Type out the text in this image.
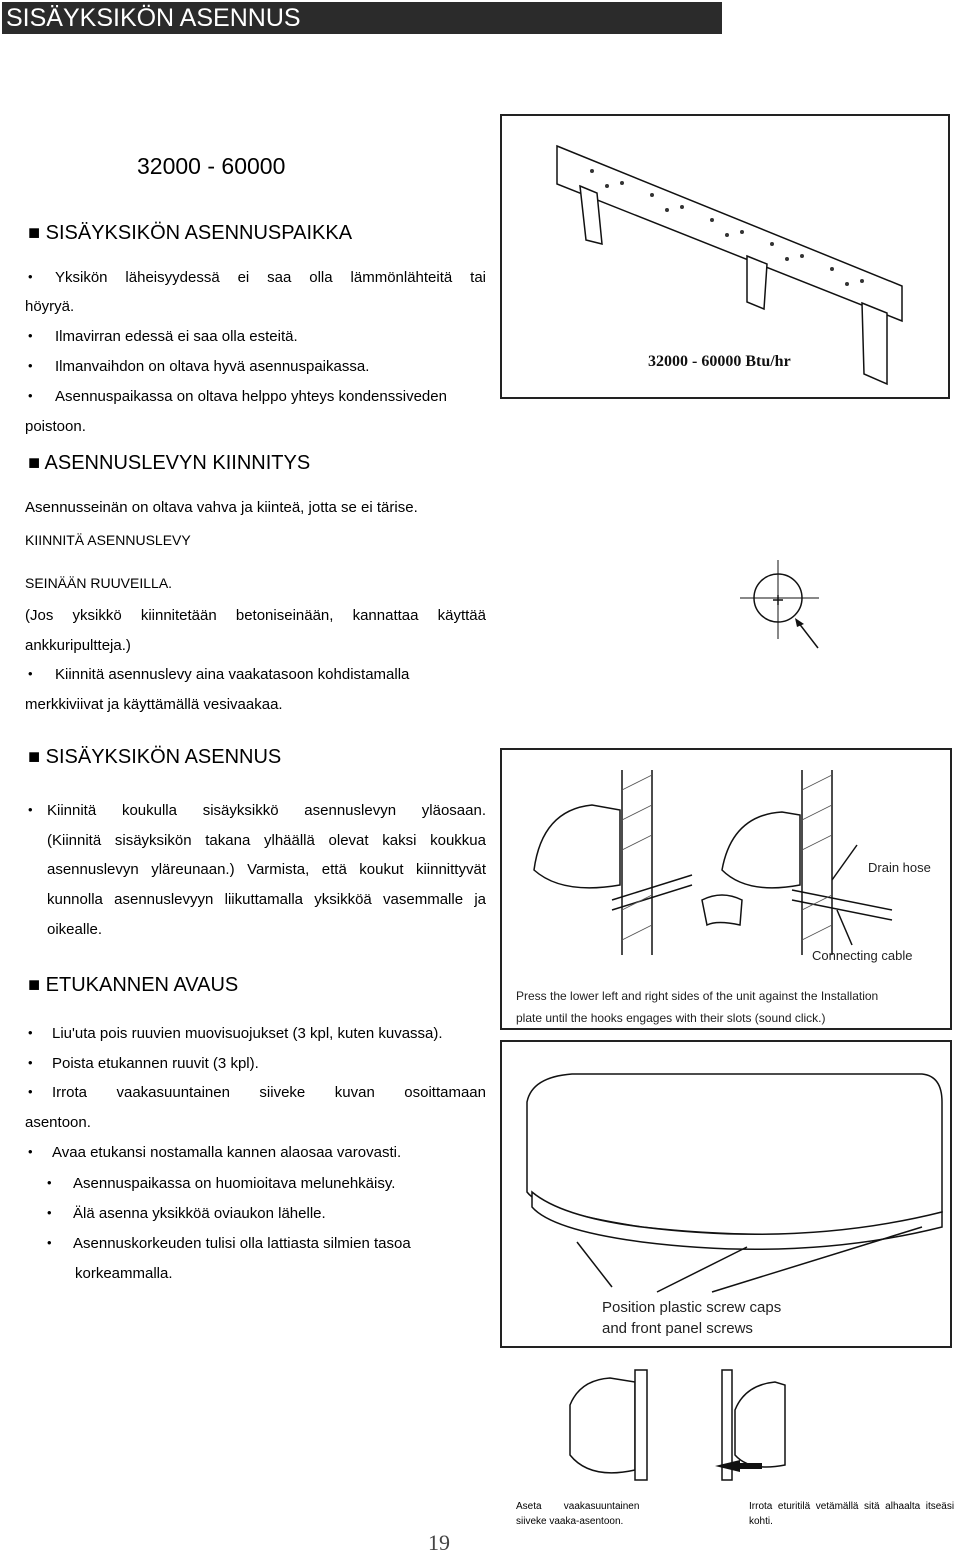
SISÄYKSIKÖN ASENNUS
32000 - 60000
■ SISÄYKSIKÖN ASENNUSPAIKKA
• Yksikön läheisyydessä ei saa olla lämmönlähteitä tai
höyryä.
• Ilmavirran edessä ei saa olla esteitä.
• Ilmanvaihdon on oltava hyvä asennuspaikassa.
• Asennuspaikassa on oltava helppo yhteys kondenssiveden
poistoon.
■ ASENNUSLEVYN KIINNITYS
Asennusseinän on oltava vahva ja kiinteä, jotta se ei tärise.
KIINNITÄ ASENNUSLEVY
SEINÄÄN RUUVEILLA.
(Jos yksikkö kiinnitetään betoniseinään, kannattaa käyttää
ankkuripultteja.)
• Kiinnitä asennuslevy aina vaakatasoon kohdistamalla
merkkiviivat ja käyttämällä vesivaakaa.
■ SISÄYKSIKÖN ASENNUS
• Kiinnitä koukulla sisäyksikkö asennuslevyn yläosaan.
(Kiinnitä sisäyksikön takana ylhäällä olevat kaksi koukkua
asennuslevyn yläreunaan.) Varmista, että koukut kiinnittyvät
kunnolla asennuslevyyn liikuttamalla yksikköä vasemmalle ja
oikealle.
■ ETUKANNEN AVAUS
• Liu'uta pois ruuvien muovisuojukset (3 kpl, kuten kuvassa).
• Poista etukannen ruuvit (3 kpl).
• Irrota vaakasuuntainen siiveke kuvan osoittamaan
asentoon.
• Avaa etukansi nostamalla kannen alaosaa varovasti.
• Asennuspaikassa on huomioitava melunehkäisy.
• Älä asenna yksikköä oviaukon lähelle.
• Asennuskorkeuden tulisi olla lattiasta silmien tasoa
korkeammalla.
32000 - 60000 Btu/hr
Drain hose
Connecting cable
Press the lower left and right sides of the unit against the Installation
plate until the hooks engages with their slots (sound click.)
Position plastic screw caps
and front panel screws
Aseta        vaakasuuntainen
siiveke vaaka-asentoon.
Irrota  eturitilä  vetämällä  sitä  alhaalta  itseäsi
kohti.
19
